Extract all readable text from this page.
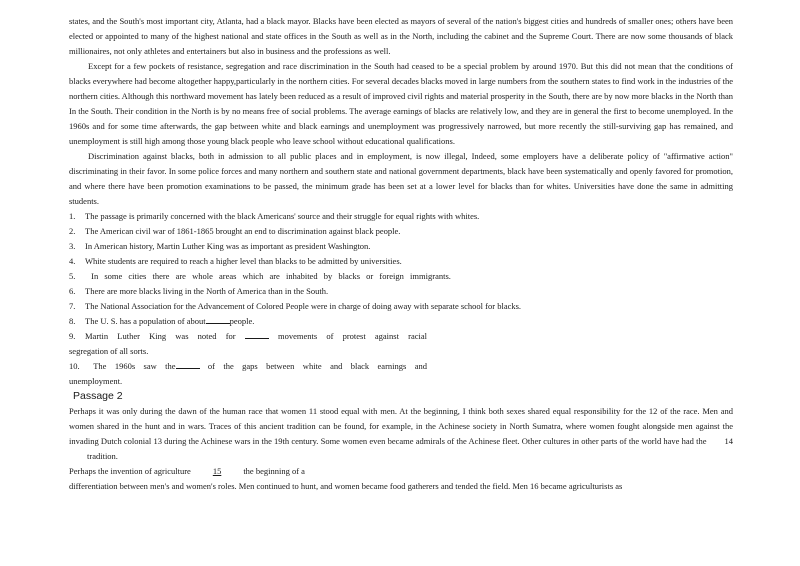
states, and the South's most important city, Atlanta, had a black mayor. Blacks have been elected as mayors of several of the nation's biggest cities and hundreds of smaller ones; others have been elected or appointed to many of the highest national and state offices in the South as well as in the North, including the cabinet and the Supreme Court. There are now some thousands of black millionaires, not only athletes and entertainers but also in business and the professions as well.

Except for a few pockets of resistance, segregation and race discrimination in the South had ceased to be a special problem by around 1970. But this did not mean that the conditions of blacks everywhere had become altogether happy,particularly in the northern cities. For several decades blacks moved in large numbers from the southern states to find work in the industries of the northern cities. Although this northward movement has lately been reduced as a result of improved civil rights and material prosperity in the South, there are by now more blacks in the North than In the South. Their condition in the North is by no means free of social problems. The average earnings of blacks are relatively low, and they are in general the first to become unemployed. In the 1960s and for some time afterwards, the gap between white and black earnings and unemployment was progressively narrowed, but more recently the still-surviving gap has remained, and unemployment is still high among those young black people who leave school without educational qualifications.

Discrimination against blacks, both in admission to all public places and in employment, is now illegal, Indeed, some employers have a deliberate policy of "affirmative action" discriminating in their favor. In some police forces and many northern and southern state and national government departments, black have been systematically and openly favored for promotion, and where there have been promotion examinations to be passed, the minimum grade has been set at a lower level for blacks than for whites. Universities have done the same in admitting students.

1. The passage is primarily concerned with the black Americans' source and their struggle for equal rights with whites.

2. The American civil war of 1861-1865 brought an end to discrimination against black people.

3. In American history, Martin Luther King was as important as president Washington.

4. White students are required to reach a higher level than blacks to be admitted by universities.

5. In some cities there are whole areas which are inhabited by blacks or foreign immigrants.

6. There are more blacks living in the North of America than in the South.

7. The National Association for the Advancement of Colored People were in charge of doing away with separate school for blacks.

8. The U. S. has a population of about	people.

9. Martin Luther King was noted for	movements of protest against racial

segregation of all sorts.

10. The 1960s saw the	of the gaps between white and black earnings and

unemployment.

Passage 2

Perhaps it was only during the dawn of the human race that women 11 stood equal with men. At the beginning, I think both sexes shared equal responsibility for the 12 of the race. Men and women shared in the hunt and in wars. Traces of this ancient tradition can be found, for example, in the Achinese society in North Sumatra, where women fought alongside men against the invading Dutch colonial 13 during the Achinese wars in the 19th century. Some women even became admirals of the Achinese fleet. Other cultures in other parts of the world have had the 14tradition.

Perhaps the invention of agriculture	15	the beginning of a

differentiation between men's and women's roles. Men continued to hunt, and women became food gatherers and tended the field. Men 16 became agriculturists as
